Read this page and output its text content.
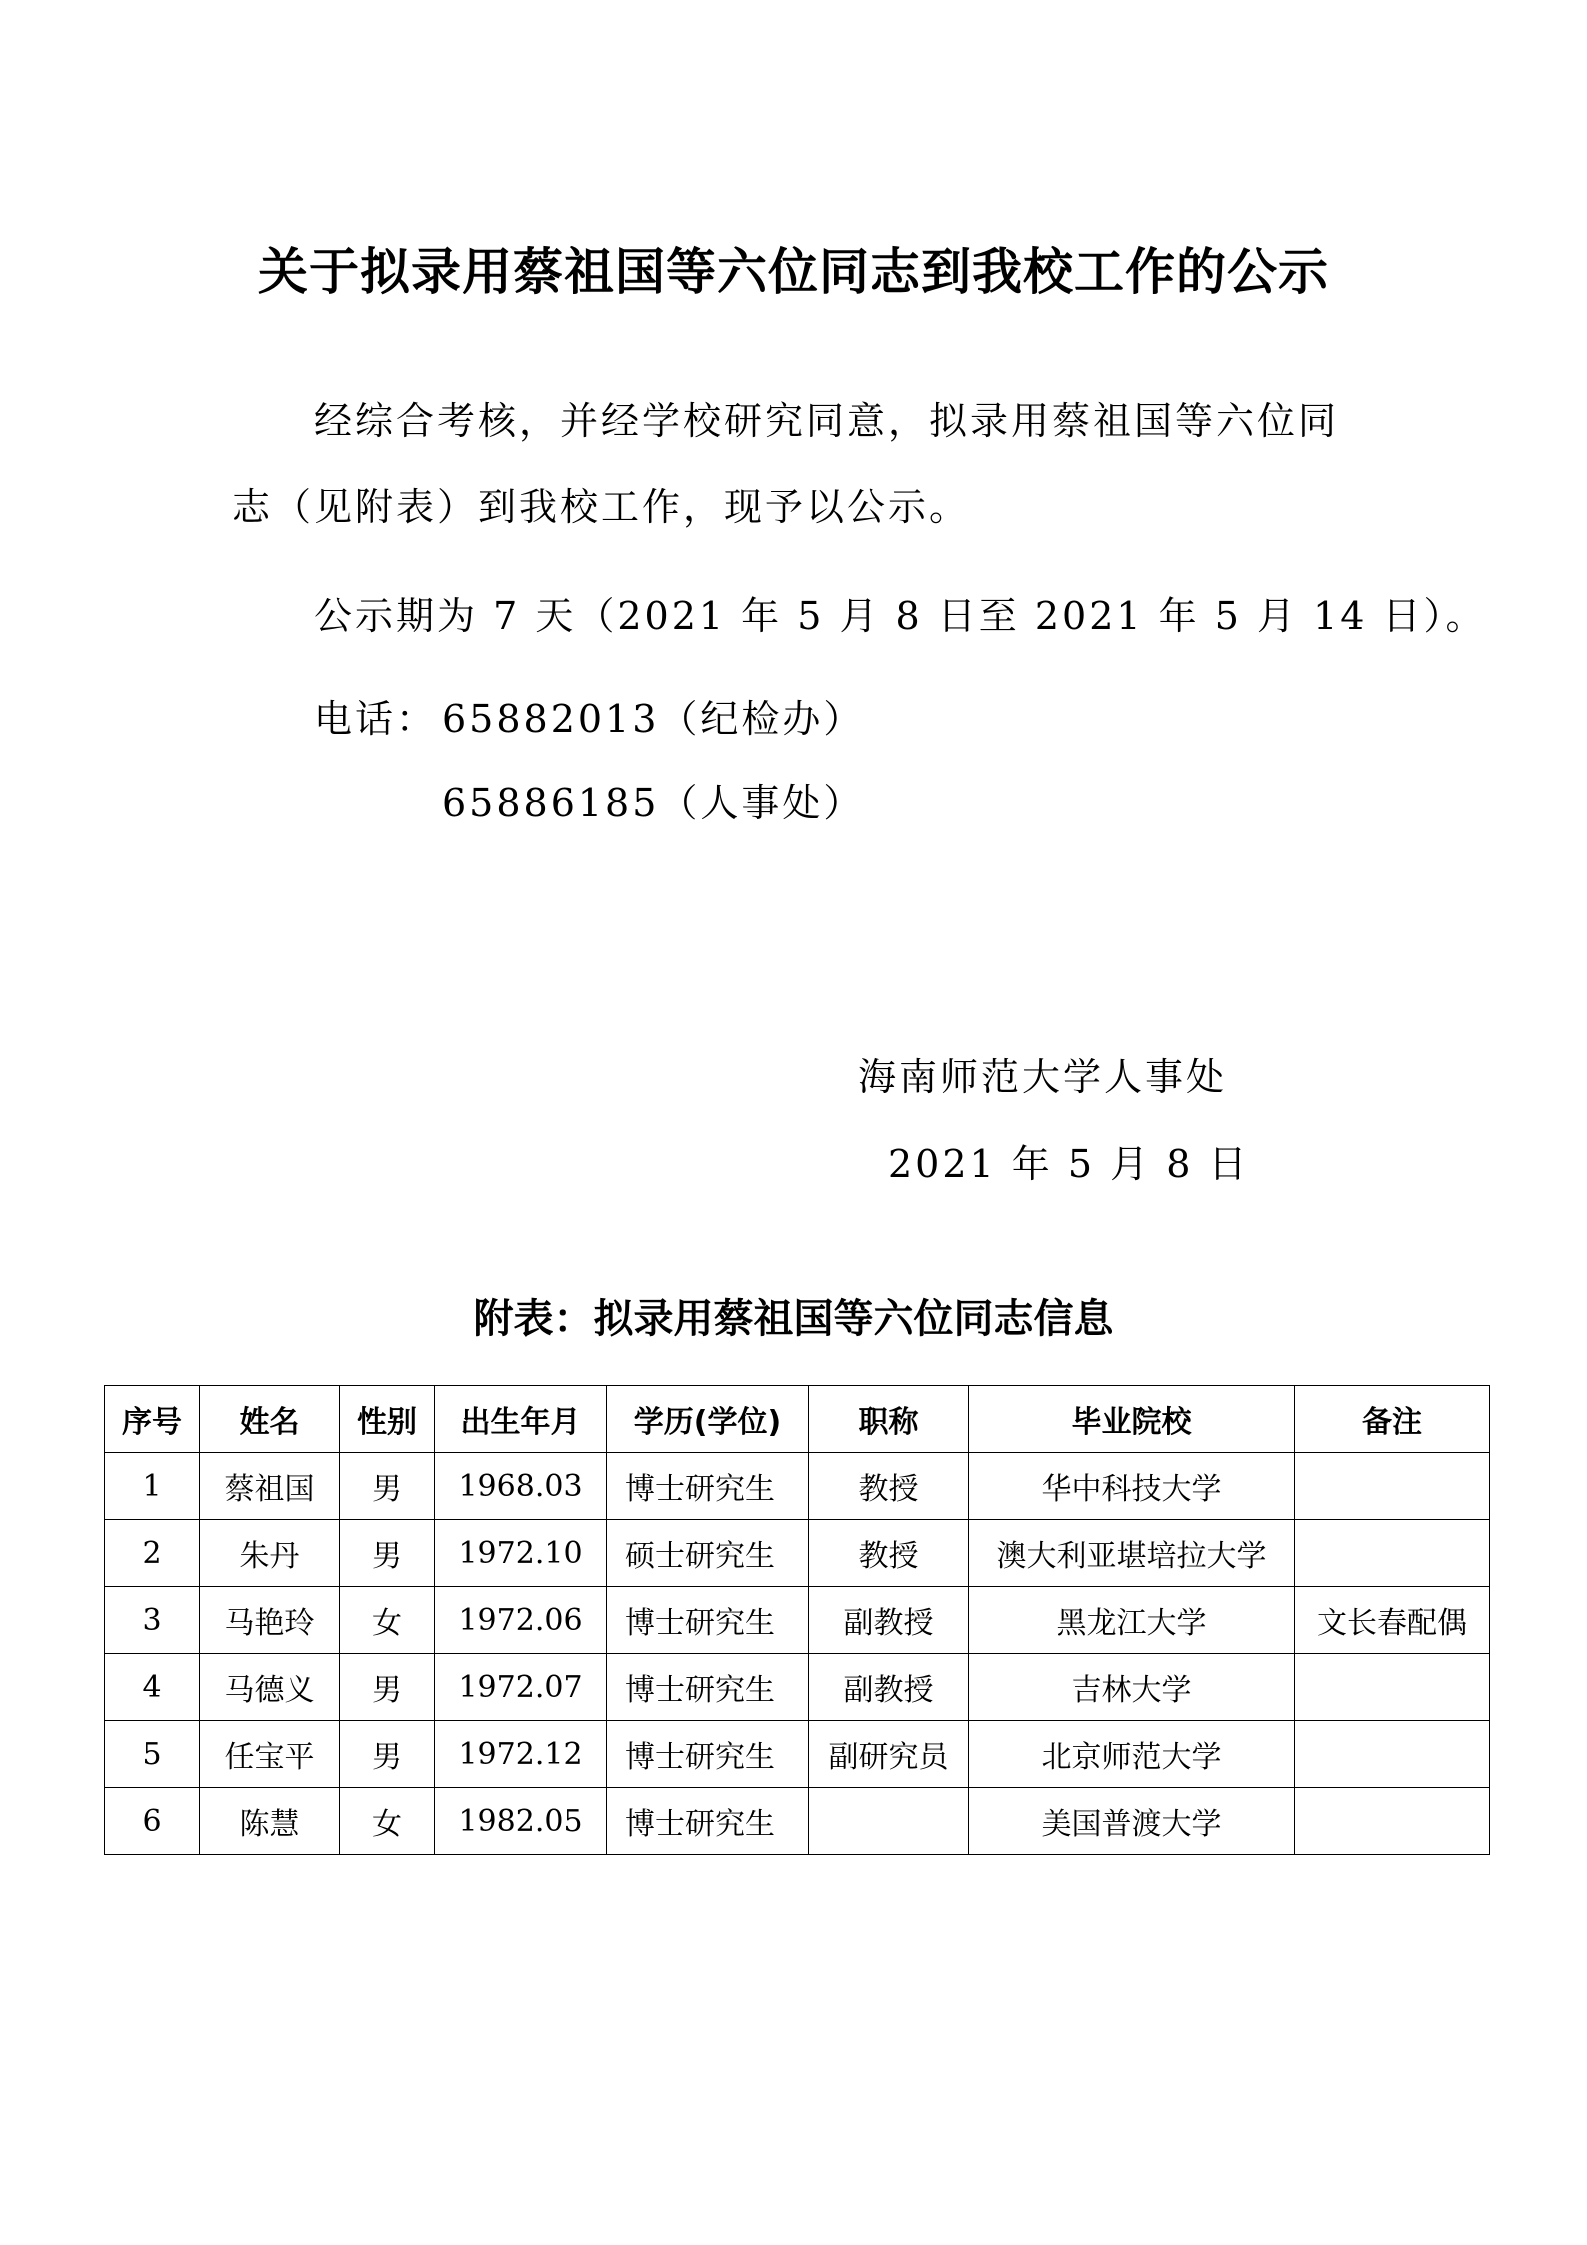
关于拟录用蔡祖国等六位同志到我校工作的公示

经综合考核，并经学校研究同意，拟录用蔡祖国等六位同志（见附表）到我校工作，现予以公示。

公示期为 7 天（2021 年 5 月 8 日至 2021 年 5 月 14 日）。
电话： 65882013（纪检办）
65886185（人事处）
海南师范大学人事处
2021 年 5 月 8 日
附表：拟录用蔡祖国等六位同志信息
序号	姓名	性别	出生年月	学历(学位)	职称	毕业院校	备注
1	蔡祖国	男	1968.03	博士研究生	教授	华中科技大学	
2	朱丹	男	1972.10	硕士研究生	教授	澳大利亚堪培拉大学	
3	马艳玲	女	1972.06	博士研究生	副教授	黑龙江大学	文长春配偶
4	马德义	男	1972.07	博士研究生	副教授	吉林大学	
5	任宝平	男	1972.12	博士研究生	副研究员	北京师范大学	
6	陈慧	女	1982.05	博士研究生		美国普渡大学	
